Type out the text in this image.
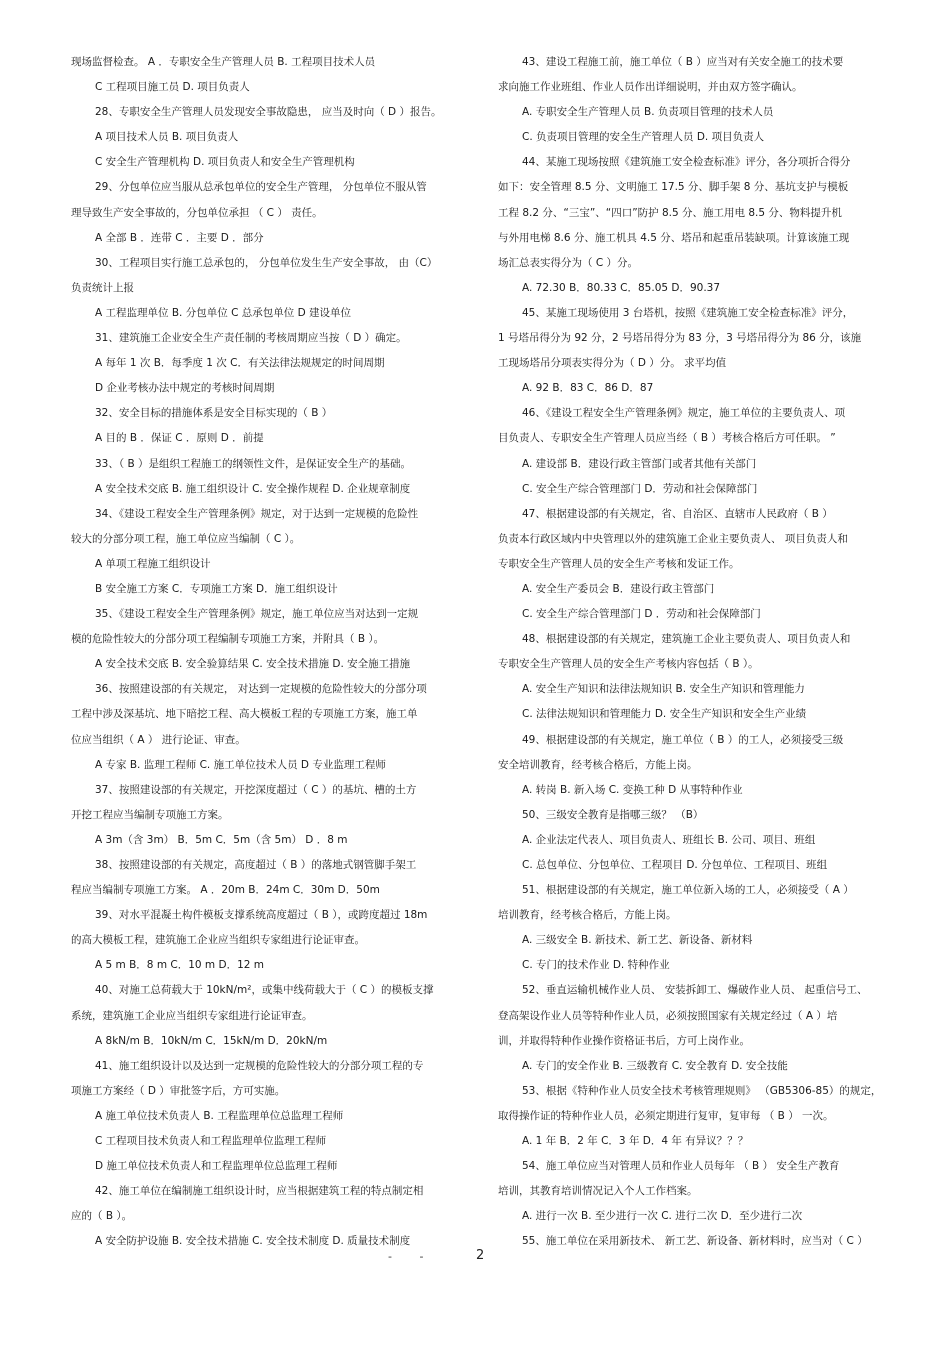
现场监督检查。 A ．专职安全生产管理人员 B. 工程项目技术人员
C 工程项目施工员 D. 项目负责人
28、专职安全生产管理人员发现安全事故隐患， 应当及时向（ D ）报告。
A 项目技术人员 B. 项目负责人
C 安全生产管理机构 D. 项目负责人和安全生产管理机构
29、分包单位应当服从总承包单位的安全生产管理， 分包单位不服从管
理导致生产安全事故的，分包单位承担 （ C ） 责任。
A 全部 B ．连带 C ．主要 D ．部分
30、工程项目实行施工总承包的， 分包单位发生生产安全事故， 由（C）
负责统计上报
A 工程监理单位 B. 分包单位 C 总承包单位 D 建设单位
31、建筑施工企业安全生产责任制的考核周期应当按（ D ）确定。
A 每年 1 次 B．每季度 1 次 C．有关法律法规规定的时间周期
D 企业考核办法中规定的考核时间周期
32、安全目标的措施体系是安全目标实现的（ B ）
A 目的 B ．保证 C ．原则 D ．前提
33、（ B ）是组织工程施工的纲领性文件，是保证安全生产的基础。
A 安全技术交底 B. 施工组织设计 C. 安全操作规程 D. 企业规章制度
34、《建设工程安全生产管理条例》规定，对于达到一定规模的危险性
较大的分部分项工程，施工单位应当编制（ C ）。
A 单项工程施工组织设计
B 安全施工方案 C．专项施工方案 D．施工组织设计
35、《建设工程安全生产管理条例》规定，施工单位应当对达到一定规
模的危险性较大的分部分项工程编制专项施工方案，并附具（ B ）。
A 安全技术交底 B. 安全验算结果 C. 安全技术措施 D. 安全施工措施
36、按照建设部的有关规定， 对达到一定规模的危险性较大的分部分项
工程中涉及深基坑、地下暗挖工程、高大模板工程的专项施工方案，施工单
位应当组织（ A ） 进行论证、审查。
A 专家 B. 监理工程师 C. 施工单位技术人员 D 专业监理工程师
37、按照建设部的有关规定，开挖深度超过（ C ）的基坑、槽的土方
开挖工程应当编制专项施工方案。
A 3m（含 3m） B．5m C．5m（含 5m） D ．8 m
38、按照建设部的有关规定，高度超过（ B ）的落地式钢管脚手架工
程应当编制专项施工方案。 A ．20m B．24m C．30m D．50m
39、对水平混凝土构件模板支撑系统高度超过（ B ），或跨度超过 18m
的高大模板工程，建筑施工企业应当组织专家组进行论证审查。
A 5 m B．8 m C．10 m D．12 m
40、对施工总荷载大于 10kN/m²，或集中线荷载大于（ C ）的模板支撑
系统，建筑施工企业应当组织专家组进行论证审查。
A 8kN/m B．10kN/m C．15kN/m D．20kN/m
41、施工组织设计以及达到一定规模的危险性较大的分部分项工程的专
项施工方案经（ D ）审批签字后，方可实施。
A 施工单位技术负责人 B. 工程监理单位总监理工程师
C 工程项目技术负责人和工程监理单位监理工程师
D 施工单位技术负责人和工程监理单位总监理工程师
42、施工单位在编制施工组织设计时，应当根据建筑工程的特点制定相
应的（ B ）。
A 安全防护设施 B. 安全技术措施 C. 安全技术制度 D. 质量技术制度
43、建设工程施工前，施工单位（ B ）应当对有关安全施工的技术要
求向施工作业班组、作业人员作出详细说明，并由双方签字确认。
A. 专职安全生产管理人员 B. 负责项目管理的技术人员
C. 负责项目管理的安全生产管理人员 D. 项目负责人
44、某施工现场按照《建筑施工安全检查标准》评分，各分项折合得分
如下：安全管理 8.5 分、文明施工 17.5 分、脚手架 8 分、基坑支护与模板
工程 8.2 分、“三宝”、“四口”防护 8.5 分、施工用电 8.5 分、物料提升机
与外用电梯 8.6 分、施工机具 4.5 分、塔吊和起重吊装缺项。计算该施工现
场汇总表实得分为（ C ）分。
A. 72.30 B．80.33 C．85.05 D．90.37
45、某施工现场使用 3 台塔机，按照《建筑施工安全检查标准》评分，
1 号塔吊得分为 92 分，2 号塔吊得分为 83 分，3 号塔吊得分为 86 分，该施
工现场塔吊分项表实得分为（ D ）分。 求平均值
A. 92 B．83 C．86 D．87
46、《建设工程安全生产管理条例》规定，施工单位的主要负责人、项
目负责人、专职安全生产管理人员应当经（ B ）考核合格后方可任职。 ”
A. 建设部 B．建设行政主管部门或者其他有关部门
C. 安全生产综合管理部门 D．劳动和社会保障部门
47、根据建设部的有关规定，省、自治区、直辖市人民政府（ B ）
负责本行政区域内中央管理以外的建筑施工企业主要负责人、 项目负责人和
专职安全生产管理人员的安全生产考核和发证工作。
A. 安全生产委员会 B．建设行政主管部门
C. 安全生产综合管理部门 D ．劳动和社会保障部门
48、根据建设部的有关规定，建筑施工企业主要负责人、项目负责人和
专职安全生产管理人员的安全生产考核内容包括（ B ）。
A. 安全生产知识和法律法规知识 B. 安全生产知识和管理能力
C. 法律法规知识和管理能力 D. 安全生产知识和安全生产业绩
49、根据建设部的有关规定，施工单位（ B ）的工人，必须接受三级
安全培训教育，经考核合格后，方能上岗。
A. 转岗 B. 新入场 C. 变换工种 D 从事特种作业
50、三级安全教育是指哪三级？ （B）
A. 企业法定代表人、项目负责人、班组长 B. 公司、项目、班组
C. 总包单位、分包单位、工程项目 D. 分包单位、工程项目、班组
51、根据建设部的有关规定，施工单位新入场的工人，必须接受（ A ）
培训教育，经考核合格后，方能上岗。
A. 三级安全 B. 新技术、新工艺、新设备、新材料
C. 专门的技术作业 D. 特种作业
52、垂直运输机械作业人员、 安装拆卸工、爆破作业人员、 起重信号工、
登高架设作业人员等特种作业人员，必须按照国家有关规定经过（ A ）培
训，并取得特种作业操作资格证书后，方可上岗作业。
A. 专门的安全作业 B. 三级教育 C. 安全教育 D. 安全技能
53、根据《特种作业人员安全技术考核管理规则》 （GB5306-85）的规定，
取得操作证的特种作业人员，必须定期进行复审，复审每 （ B ） 一次。
A. 1 年 B．2 年 C．3 年 D．4 年 有异议？？？
54、施工单位应当对管理人员和作业人员每年 （ B ） 安全生产教育
培训，其教育培训情况记入个人工作档案。
A. 进行一次 B. 至少进行一次 C. 进行二次 D．至少进行二次
55、施工单位在采用新技术、 新工艺、新设备、新材料时，应当对（ C ）
- -	2
